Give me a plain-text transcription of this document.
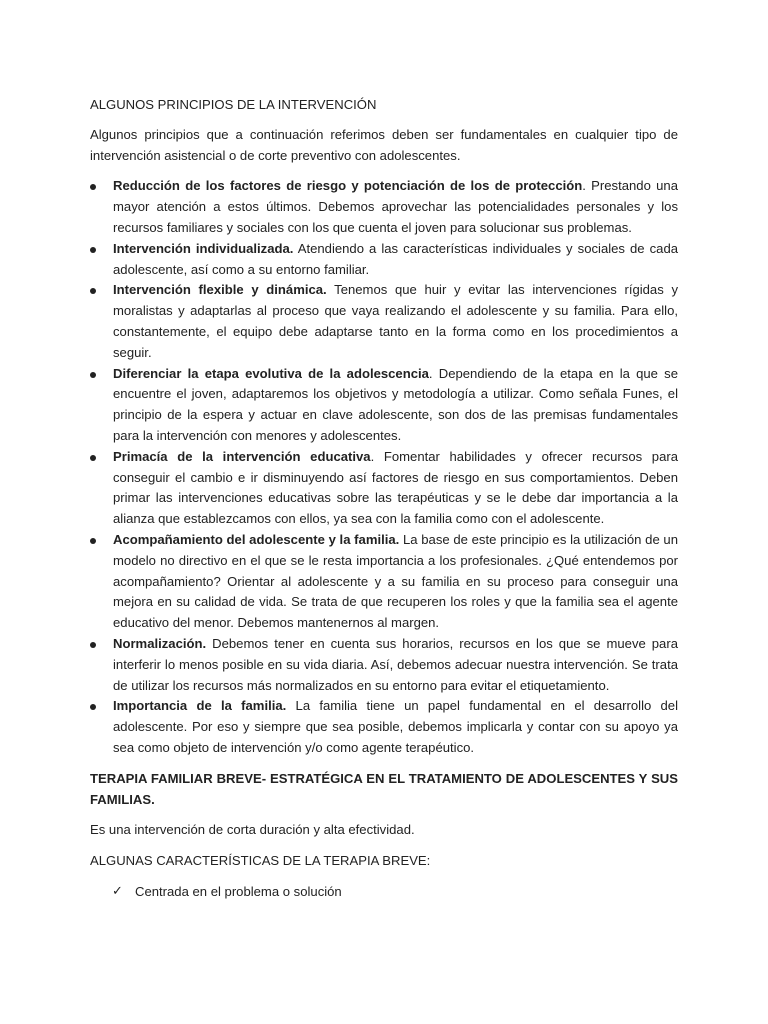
ALGUNOS PRINCIPIOS DE LA INTERVENCIÓN
Algunos principios que a continuación referimos deben ser fundamentales en cualquier tipo de intervención asistencial o de corte preventivo con adolescentes.
Reducción de los factores de riesgo y potenciación de los de protección. Prestando una mayor atención a estos últimos. Debemos aprovechar las potencialidades personales y los recursos familiares y sociales con los que cuenta el joven para solucionar sus problemas.
Intervención individualizada. Atendiendo a las características individuales y sociales de cada adolescente, así como a su entorno familiar.
Intervención flexible y dinámica. Tenemos que huir y evitar las intervenciones rígidas y moralistas y adaptarlas al proceso que vaya realizando el adolescente y su familia. Para ello, constantemente, el equipo debe adaptarse tanto en la forma como en los procedimientos a seguir.
Diferenciar la etapa evolutiva de la adolescencia. Dependiendo de la etapa en la que se encuentre el joven, adaptaremos los objetivos y metodología a utilizar. Como señala Funes, el principio de la espera y actuar en clave adolescente, son dos de las premisas fundamentales para la intervención con menores y adolescentes.
Primacía de la intervención educativa. Fomentar habilidades y ofrecer recursos para conseguir el cambio e ir disminuyendo así factores de riesgo en sus comportamientos. Deben primar las intervenciones educativas sobre las terapéuticas y se le debe dar importancia a la alianza que establezcamos con ellos, ya sea con la familia como con el adolescente.
Acompañamiento del adolescente y la familia. La base de este principio es la utilización de un modelo no directivo en el que se le resta importancia a los profesionales. ¿Qué entendemos por acompañamiento? Orientar al adolescente y a su familia en su proceso para conseguir una mejora en su calidad de vida. Se trata de que recuperen los roles y que la familia sea el agente educativo del menor. Debemos mantenernos al margen.
Normalización. Debemos tener en cuenta sus horarios, recursos en los que se mueve para interferir lo menos posible en su vida diaria. Así, debemos adecuar nuestra intervención. Se trata de utilizar los recursos más normalizados en su entorno para evitar el etiquetamiento.
Importancia de la familia. La familia tiene un papel fundamental en el desarrollo del adolescente. Por eso y siempre que sea posible, debemos implicarla y contar con su apoyo ya sea como objeto de intervención y/o como agente terapéutico.
TERAPIA FAMILIAR BREVE- ESTRATÉGICA EN EL TRATAMIENTO DE ADOLESCENTES Y SUS FAMILIAS.
Es una intervención de corta duración y alta efectividad.
ALGUNAS CARACTERÍSTICAS DE LA TERAPIA BREVE:
✓ Centrada en el problema o solución
